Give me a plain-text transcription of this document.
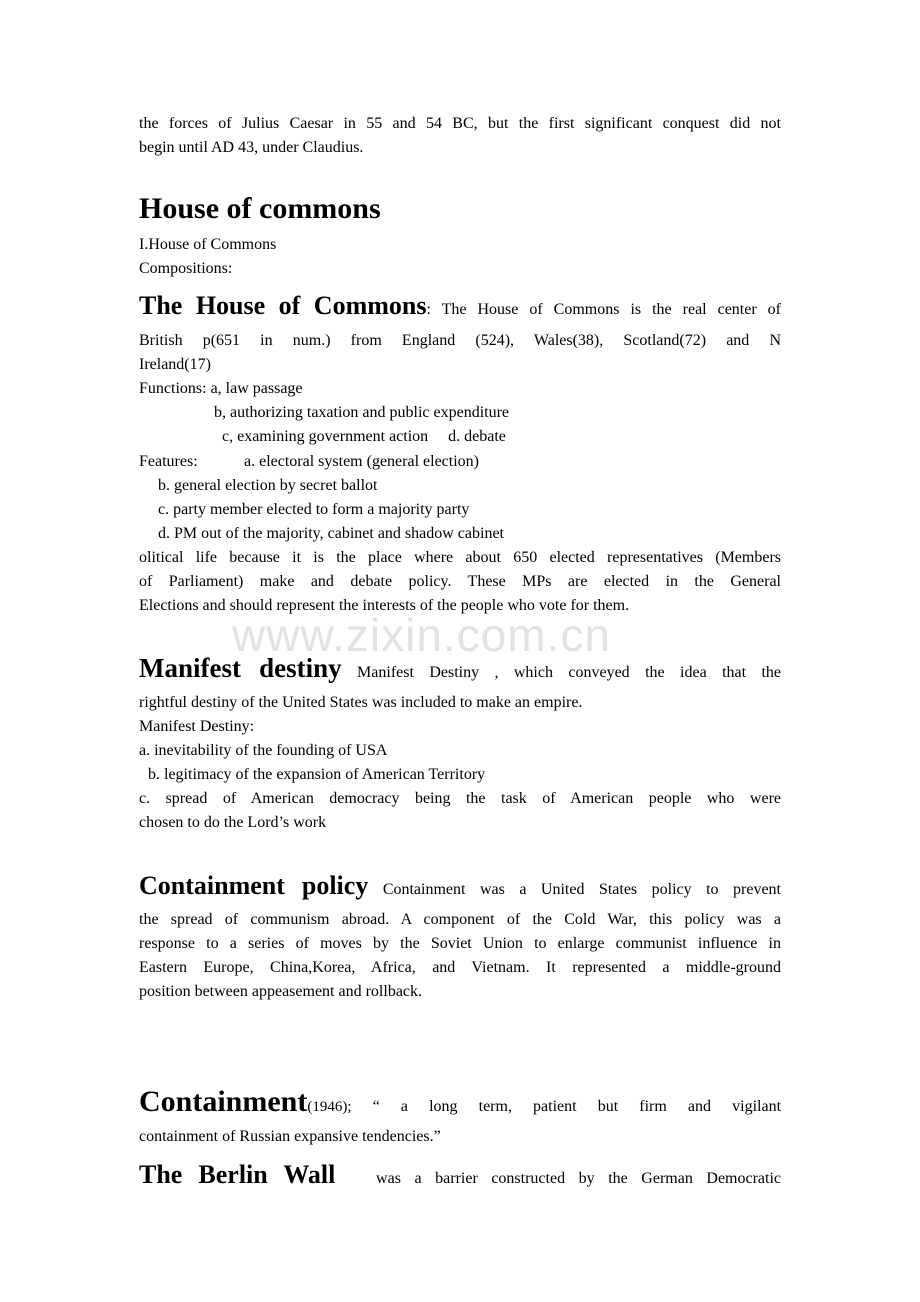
the forces of Julius Caesar in 55 and 54 BC, but the first significant conquest did not
begin until AD 43, under Claudius.
House of commons
I.House of Commons
Compositions:
The House of Commons: The House of Commons is the real center of
British p(651 in num.) from England (524), Wales(38), Scotland(72) and N
Ireland(17)
Functions: a, law passage
b, authorizing taxation and public expenditure
c, examining government action  d. debate
Features:	a. electoral system (general election)
b. general election by secret ballot
c. party member elected to form a majority party
d. PM out of the majority, cabinet and shadow cabinet
olitical life because it is the place where about 650 elected representatives (Members
of Parliament) make and debate policy. These MPs are elected in the General
Elections and should represent the interests of the people who vote for them.
www.zixin.com.cn
Manifest destiny Manifest Destiny , which conveyed the idea that the
rightful destiny of the United States was included to make an empire.
Manifest Destiny:
a. inevitability of the founding of USA
b. legitimacy of the expansion of American Territory
c. spread of American democracy being the task of American people who were
chosen to do the Lord’s work
Containment policy Containment was a United States policy to prevent
the spread of communism abroad. A component of the Cold War, this policy was a
response to a series of moves by the Soviet Union to enlarge communist influence in
Eastern Europe, China,Korea, Africa, and Vietnam. It represented a middle-ground
position between appeasement and rollback.
Containment(1946); “ a long term, patient but firm and vigilant
containment of Russian expansive tendencies.”
The Berlin Wall	was a barrier constructed by the German Democratic
